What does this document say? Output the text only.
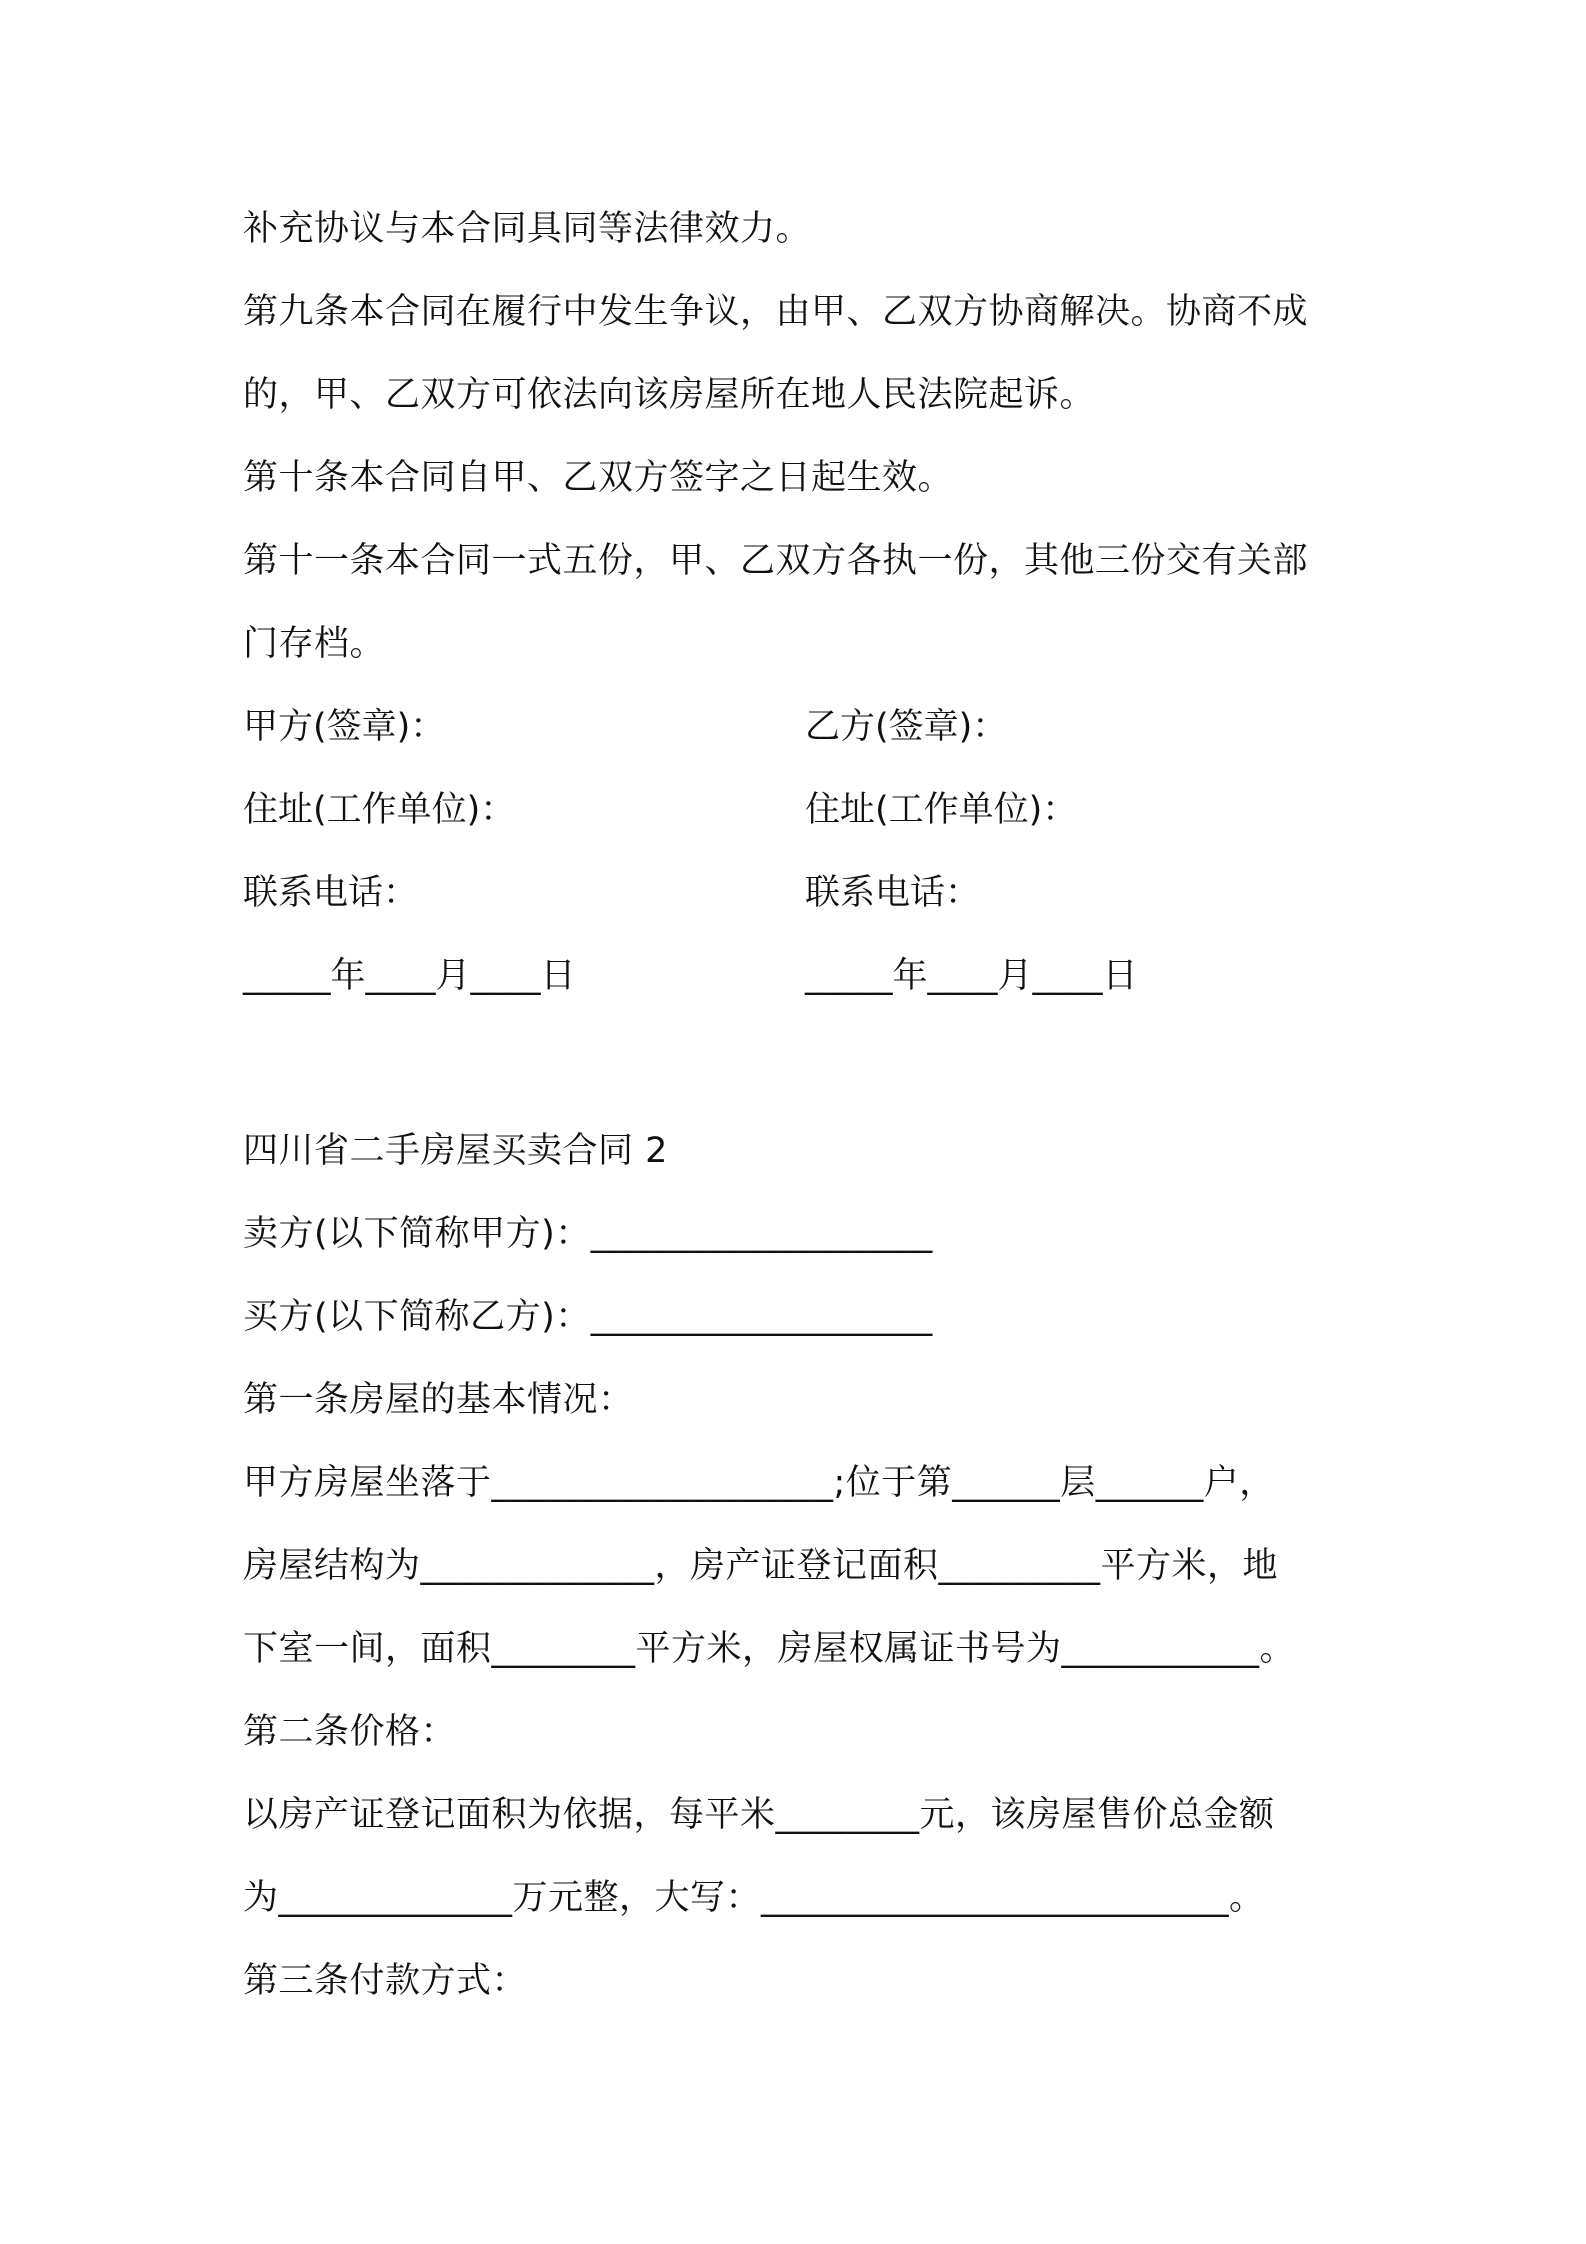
补充协议与本合同具同等法律效力。
第九条本合同在履行中发生争议，由甲、乙双方协商解决。协商不成
的，甲、乙双方可依法向该房屋所在地人民法院起诉。
第十条本合同自甲、乙双方签字之日起生效。
第十一条本合同一式五份，甲、乙双方各执一份，其他三份交有关部
门存档。
甲方(签章)：	乙方(签章)：
住址(工作单位)：	住址(工作单位)：
联系电话：	联系电话：
_____年____月____日	_____年____月____日
四川省二手房屋买卖合同 2
卖方(以下简称甲方)：___________________
买方(以下简称乙方)：___________________
第一条房屋的基本情况：
甲方房屋坐落于___________________;位于第______层______户，
房屋结构为_____________，房产证登记面积_________平方米，地
下室一间，面积________平方米，房屋权属证书号为___________。
第二条价格：
以房产证登记面积为依据，每平米________元，该房屋售价总金额
为_____________万元整，大写：__________________________。
第三条付款方式：
